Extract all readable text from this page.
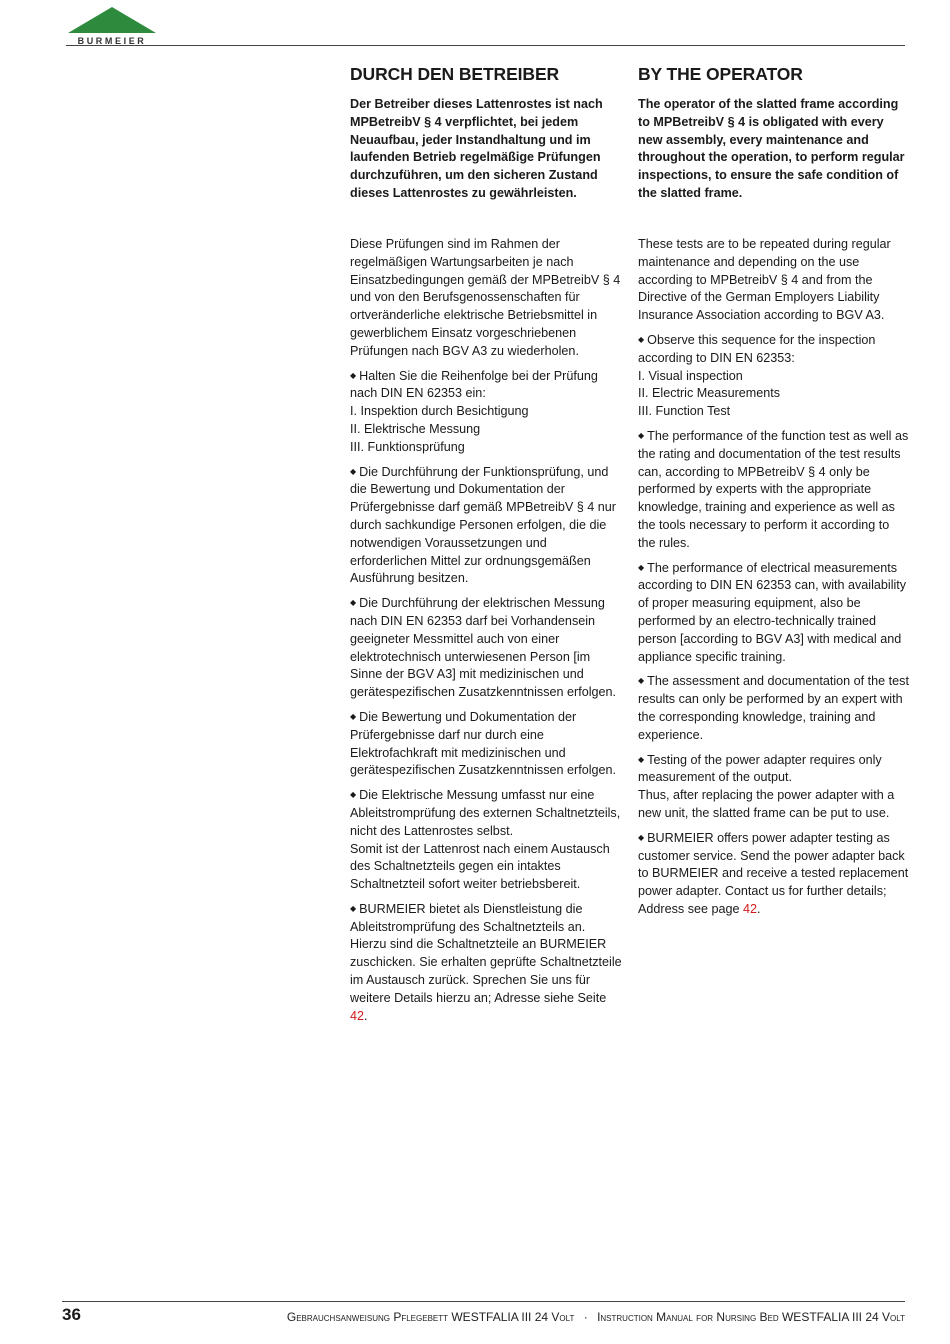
BURMEIER
DURCH DEN BETREIBER

Der Betreiber dieses Lattenrostes ist nach MPBetreibV § 4 verpflichtet, bei jedem Neuaufbau, jeder Instandhaltung und im laufenden Betrieb regelmäßige Prüfungen durchzuführen, um den sicheren Zustand dieses Lattenrostes zu gewährleisten.

Diese Prüfungen sind im Rahmen der regelmäßigen Wartungsarbeiten je nach Einsatzbedingungen gemäß der MPBetreibV § 4 und von den Berufsgenossenschaften für ortveränderliche elektrische Betriebsmittel in gewerblichem Einsatz vorgeschriebenen Prüfungen nach BGV A3 zu wiederholen.

◆ Halten Sie die Reihenfolge bei der Prüfung nach DIN EN 62353 ein:
I. Inspektion durch Besichtigung
II. Elektrische Messung
III. Funktionsprüfung

◆ Die Durchführung der Funktionsprüfung, und die Bewertung und Dokumentation der Prüfergebnisse darf gemäß MPBetreibV § 4 nur durch sachkundige Personen erfolgen, die die notwendigen Voraussetzungen und erforderlichen Mittel zur ordnungsgemäßen Ausführung besitzen.

◆ Die Durchführung der elektrischen Messung nach DIN EN 62353 darf bei Vorhandensein geeigneter Messmittel auch von einer elektrotechnisch unterwiesenen Person [im Sinne der BGV A3] mit medizinischen und gerätespezifischen Zusatzkenntnissen erfolgen.

◆ Die Bewertung und Dokumentation der Prüfergebnisse darf nur durch eine Elektrofachkraft mit medizinischen und gerätespezifischen Zusatzkenntnissen erfolgen.

◆ Die Elektrische Messung umfasst nur eine Ableitstromprüfung des externen Schaltnetzteils, nicht des Lattenrostes selbst.
Somit ist der Lattenrost nach einem Austausch des Schaltnetzteils gegen ein intaktes Schaltnetzteil sofort weiter betriebsbereit.

◆ BURMEIER bietet als Dienstleistung die Ableitstromprüfung des Schaltnetzteils an. Hierzu sind die Schaltnetzteile an BURMEIER zuschicken. Sie erhalten geprüfte Schaltnetzteile im Austausch zurück. Sprechen Sie uns für weitere Details hierzu an; Adresse siehe Seite 42.

BY THE OPERATOR

The operator of the slatted frame according to MPBetreibV § 4 is obligated with every new assembly, every maintenance and throughout the operation, to perform regular inspections, to ensure the safe condition of the slatted frame.

These tests are to be repeated during regular maintenance and depending on the use according to MPBetreibV § 4 and from the Directive of the German Employers Liability Insurance Association according to BGV A3.

◆ Observe this sequence for the inspection according to DIN EN 62353:
I. Visual inspection
II. Electric Measurements
III. Function Test

◆ The performance of the function test as well as the rating and documentation of the test results can, according to MPBetreibV § 4 only be performed by experts with the appropriate knowledge, training and experience as well as the tools necessary to perform it according to the rules.

◆ The performance of electrical measurements according to DIN EN 62353 can, with availability of proper measuring equipment, also be performed by an electro-technically trained person [according to BGV A3] with medical and appliance specific training.

◆ The assessment and documentation of the test results can only be performed by an expert with the corresponding knowledge, training and experience.

◆ Testing of the power adapter requires only measurement of the output.
Thus, after replacing the power adapter with a new unit, the slatted frame can be put to use.

◆ BURMEIER offers power adapter testing as customer service. Send the power adapter back to BURMEIER and receive a tested replacement power adapter. Contact us for further details; Address see page 42.

36	Gebrauchsanweisung Pflegebett WESTFALIA III 24 Volt · Instruction Manual for Nursing Bed WESTFALIA III 24 Volt
